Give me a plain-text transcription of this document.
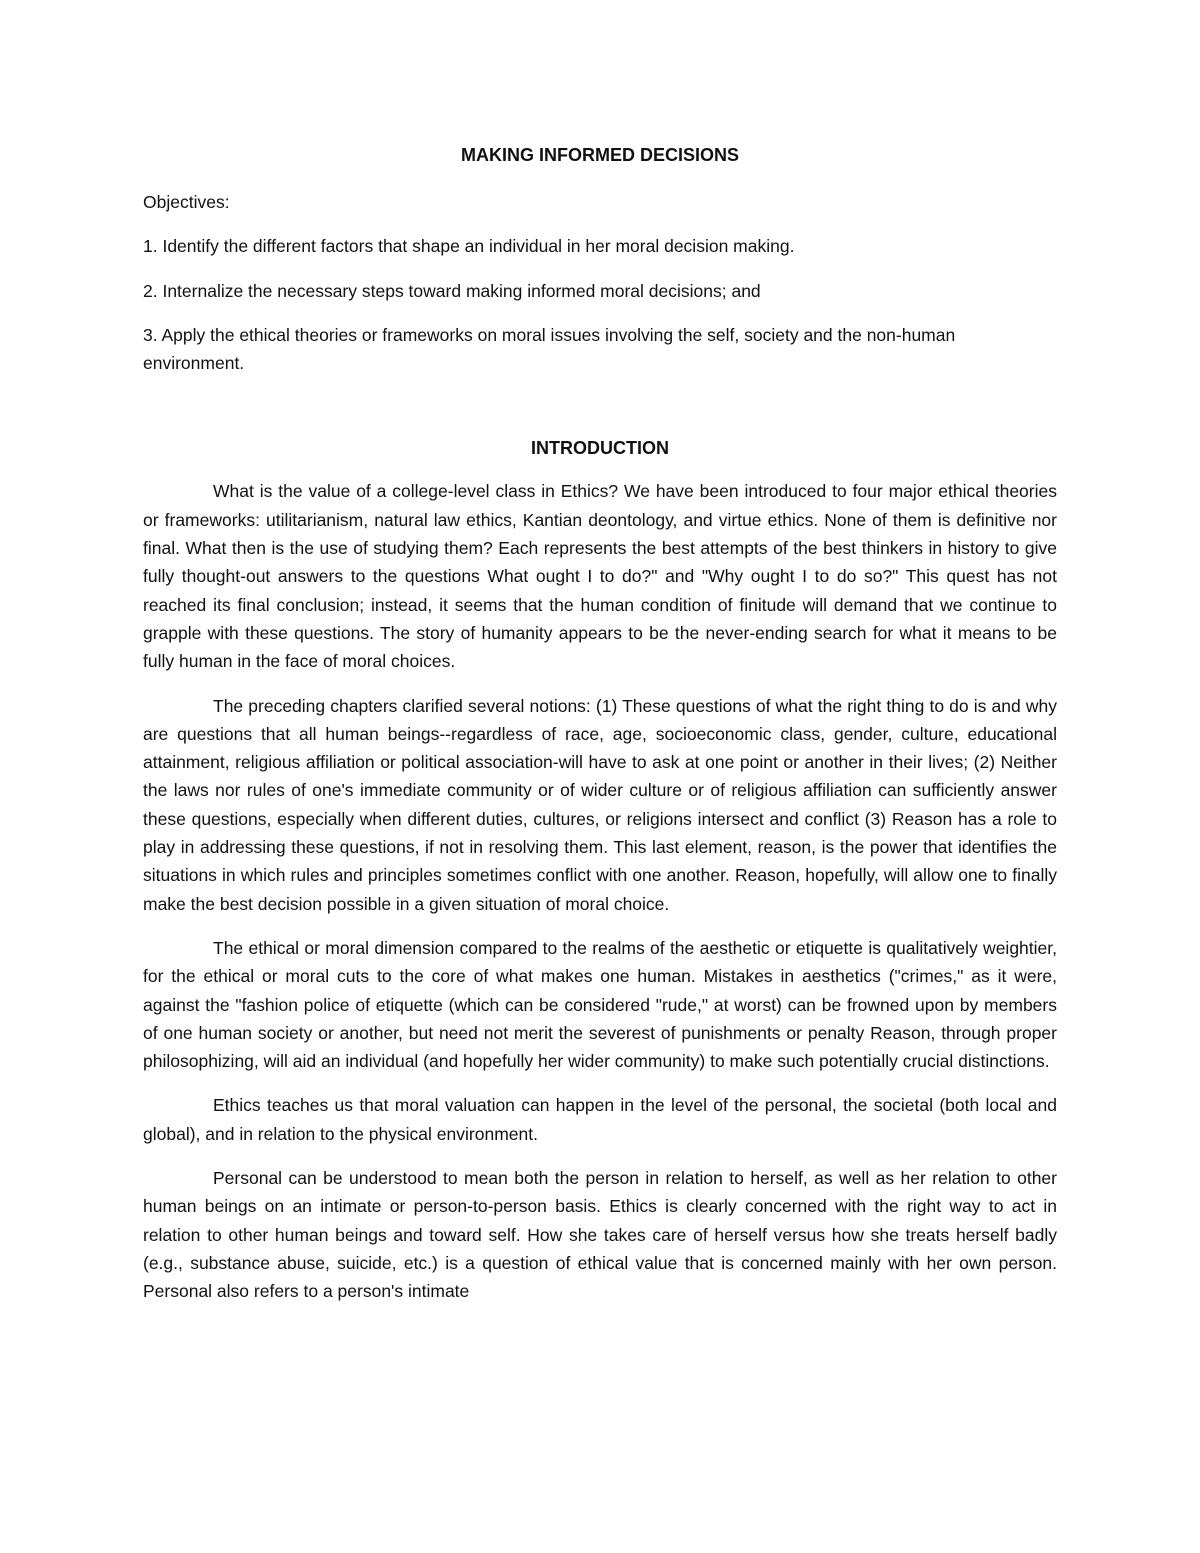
MAKING INFORMED DECISIONS
Objectives:
1. Identify the different factors that shape an individual in her moral decision making.
2. Internalize the necessary steps toward making informed moral decisions; and
3. Apply the ethical theories or frameworks on moral issues involving the self, society and the non-human environment.
INTRODUCTION

What is the value of a college-level class in Ethics? We have been introduced to four major ethical theories or frameworks: utilitarianism, natural law ethics, Kantian deontology, and virtue ethics. None of them is definitive nor final. What then is the use of studying them? Each represents the best attempts of the best thinkers in history to give fully thought-out answers to the questions What ought I to do?" and "Why ought I to do so?" This quest has not reached its final conclusion; instead, it seems that the human condition of finitude will demand that we continue to grapple with these questions. The story of humanity appears to be the never-ending search for what it means to be fully human in the face of moral choices.

The preceding chapters clarified several notions: (1) These questions of what the right thing to do is and why are questions that all human beings--regardless of race, age, socioeconomic class, gender, culture, educational attainment, religious affiliation or political association-will have to ask at one point or another in their lives; (2) Neither the laws nor rules of one's immediate community or of wider culture or of religious affiliation can sufficiently answer these questions, especially when different duties, cultures, or religions intersect and conflict (3) Reason has a role to play in addressing these questions, if not in resolving them. This last element, reason, is the power that identifies the situations in which rules and principles sometimes conflict with one another. Reason, hopefully, will allow one to finally make the best decision possible in a given situation of moral choice.

The ethical or moral dimension compared to the realms of the aesthetic or etiquette is qualitatively weightier, for the ethical or moral cuts to the core of what makes one human. Mistakes in aesthetics ("crimes," as it were, against the "fashion police of etiquette (which can be considered "rude," at worst) can be frowned upon by members of one human society or another, but need not merit the severest of punishments or penalty Reason, through proper philosophizing, will aid an individual (and hopefully her wider community) to make such potentially crucial distinctions.

Ethics teaches us that moral valuation can happen in the level of the personal, the societal (both local and global), and in relation to the physical environment.

Personal can be understood to mean both the person in relation to herself, as well as her relation to other human beings on an intimate or person-to-person basis. Ethics is clearly concerned with the right way to act in relation to other human beings and toward self. How she takes care of herself versus how she treats herself badly (e.g., substance abuse, suicide, etc.) is a question of ethical value that is concerned mainly with her own person. Personal also refers to a person's intimate
